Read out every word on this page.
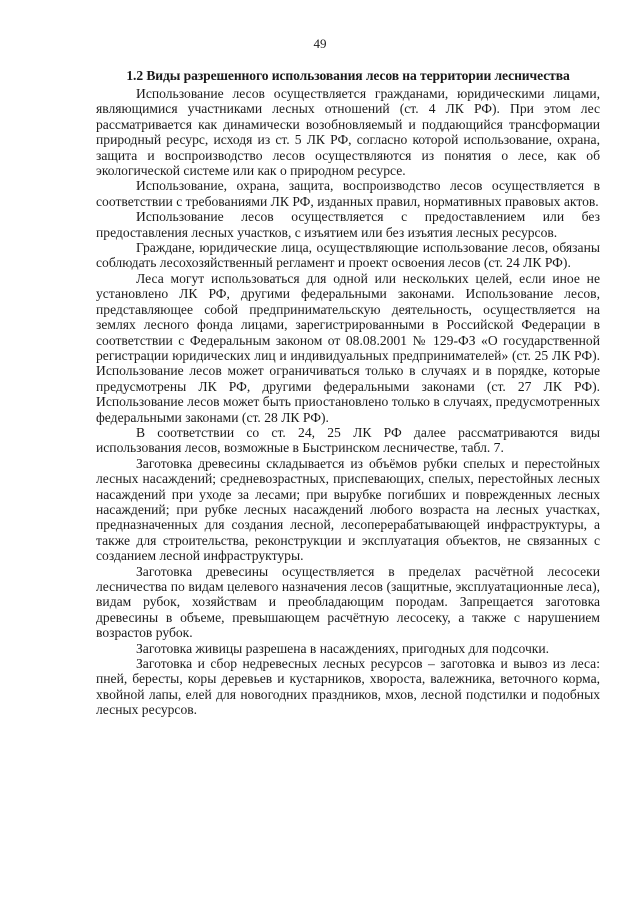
49
1.2 Виды разрешенного использования лесов на территории лесничества

Использование лесов осуществляется гражданами, юридическими лицами, являющимися участниками лесных отношений (ст. 4 ЛК РФ). При этом лес рассматривается как динамически возобновляемый и поддающийся трансформации природный ресурс, исходя из ст. 5 ЛК РФ, согласно которой использование, охрана, защита и воспроизводство лесов осуществляются из понятия о лесе, как об экологической системе или как о природном ресурсе.

Использование, охрана, защита, воспроизводство лесов осуществляется в соответствии с требованиями ЛК РФ, изданных правил, нормативных правовых актов.

Использование лесов осуществляется с предоставлением или без предоставления лесных участков, с изъятием или без изъятия лесных ресурсов.

Граждане, юридические лица, осуществляющие использование лесов, обязаны соблюдать лесохозяйственный регламент и проект освоения лесов (ст. 24 ЛК РФ).

Леса могут использоваться для одной или нескольких целей, если иное не установлено ЛК РФ, другими федеральными законами. Использование лесов, представляющее собой предпринимательскую деятельность, осуществляется на землях лесного фонда лицами, зарегистрированными в Российской Федерации в соответствии с Федеральным законом от 08.08.2001 № 129-ФЗ «О государственной регистрации юридических лиц и индивидуальных предпринимателей» (ст. 25 ЛК РФ). Использование лесов может ограничиваться только в случаях и в порядке, которые предусмотрены ЛК РФ, другими федеральными законами (ст. 27 ЛК РФ). Использование лесов может быть приостановлено только в случаях, предусмотренных федеральными законами (ст. 28 ЛК РФ).

В соответствии со ст. 24, 25 ЛК РФ далее рассматриваются виды использования лесов, возможные в Быстринском лесничестве, табл. 7.

Заготовка древесины складывается из объёмов рубки спелых и перестойных лесных насаждений; средневозрастных, приспевающих, спелых, перестойных лесных насаждений при уходе за лесами; при вырубке погибших и поврежденных лесных насаждений; при рубке лесных насаждений любого возраста на лесных участках, предназначенных для создания лесной, лесоперерабатывающей инфраструктуры, а также для строительства, реконструкции и эксплуатация объектов, не связанных с созданием лесной инфраструктуры.

Заготовка древесины осуществляется в пределах расчётной лесосеки лесничества по видам целевого назначения лесов (защитные, эксплуатационные леса), видам рубок, хозяйствам и преобладающим породам. Запрещается заготовка древесины в объеме, превышающем расчётную лесосеку, а также с нарушением возрастов рубок.

Заготовка живицы разрешена в насаждениях, пригодных для подсочки.

Заготовка и сбор недревесных лесных ресурсов – заготовка и вывоз из леса: пней, бересты, коры деревьев и кустарников, хвороста, валежника, веточного корма, хвойной лапы, елей для новогодних праздников, мхов, лесной подстилки и подобных лесных ресурсов.
